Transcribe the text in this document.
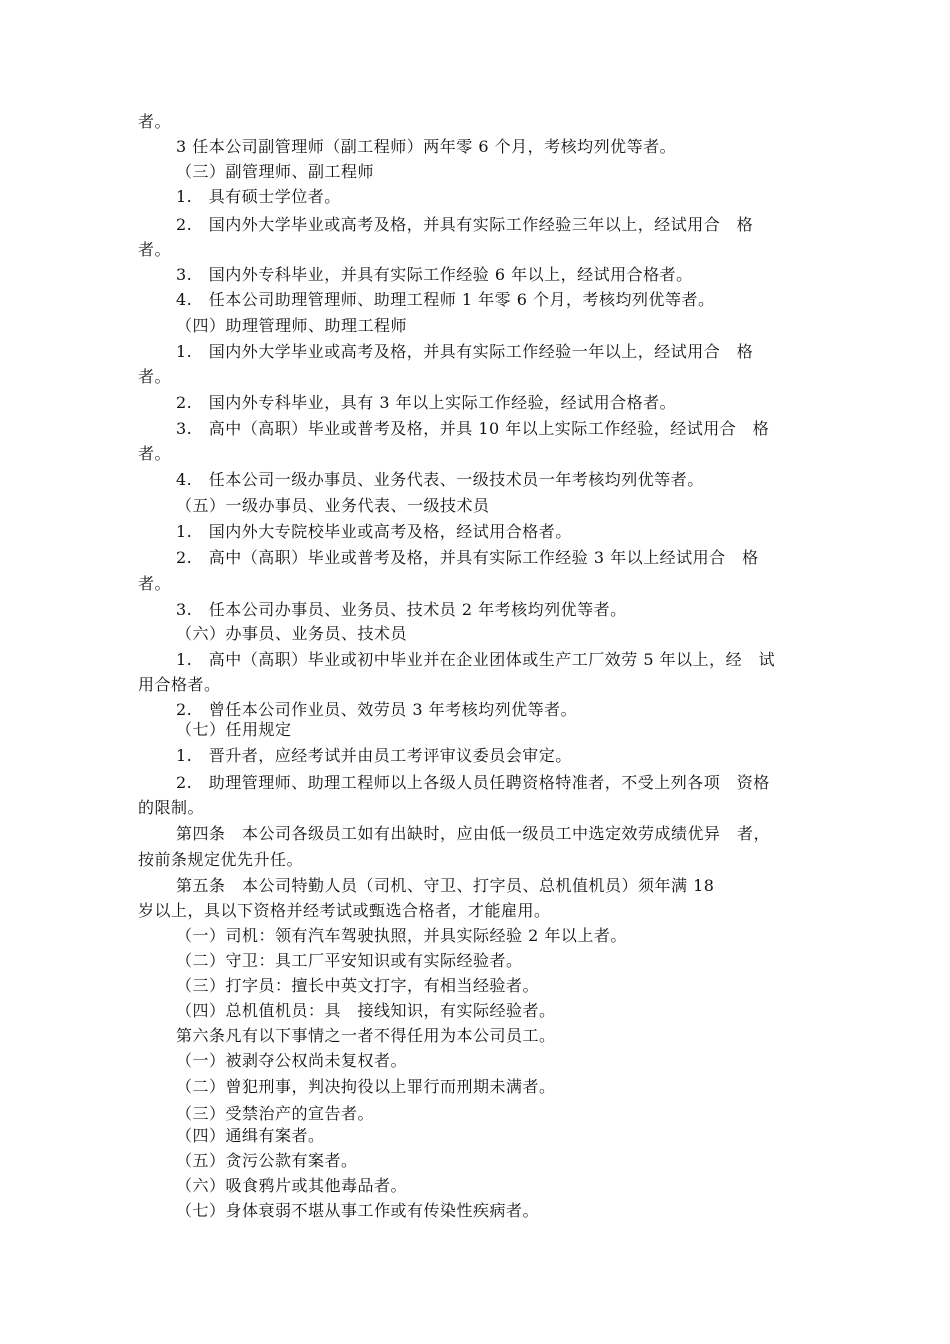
者。
3 任本公司副管理师（副工程师）两年零 6 个月，考核均列优等者。
（三）副管理师、副工程师
1.　具有硕士学位者。
2.　国内外大学毕业或高考及格，并具有实际工作经验三年以上，经试用合　格
者。
3.　国内外专科毕业，并具有实际工作经验 6 年以上，经试用合格者。
4.　任本公司助理管理师、助理工程师 1 年零 6 个月，考核均列优等者。
（四）助理管理师、助理工程师
1.　国内外大学毕业或高考及格，并具有实际工作经验一年以上，经试用合　格
者。
2.　国内外专科毕业，具有 3 年以上实际工作经验，经试用合格者。
3.　高中（高职）毕业或普考及格，并具 10 年以上实际工作经验，经试用合　格
者。
4.　任本公司一级办事员、业务代表、一级技术员一年考核均列优等者。
（五）一级办事员、业务代表、一级技术员
1.　国内外大专院校毕业或高考及格，经试用合格者。
2.　高中（高职）毕业或普考及格，并具有实际工作经验 3 年以上经试用合　格
者。
3.　任本公司办事员、业务员、技术员 2 年考核均列优等者。
（六）办事员、业务员、技术员
1.　高中（高职）毕业或初中毕业并在企业团体或生产工厂效劳 5 年以上，经　试
用合格者。
2.　曾任本公司作业员、效劳员 3 年考核均列优等者。
（七）任用规定
1.　晋升者，应经考试并由员工考评审议委员会审定。
2.　助理管理师、助理工程师以上各级人员任聘资格特准者，不受上列各项　资格
的限制。
第四条　本公司各级员工如有出缺时，应由低一级员工中选定效劳成绩优异　者，
按前条规定优先升任。
第五条　本公司特勤人员（司机、守卫、打字员、总机值机员）须年满 18
岁以上，具以下资格并经考试或甄选合格者，才能雇用。
（一）司机：领有汽车驾驶执照，并具实际经验 2 年以上者。
（二）守卫：具工厂平安知识或有实际经验者。
（三）打字员：擅长中英文打字，有相当经验者。
（四）总机值机员：具　接线知识，有实际经验者。
第六条凡有以下事情之一者不得任用为本公司员工。
（一）被剥夺公权尚未复权者。
（二）曾犯刑事，判决拘役以上罪行而刑期未满者。
（三）受禁治产的宣告者。
（四）通缉有案者。
（五）贪污公款有案者。
（六）吸食鸦片或其他毒品者。
（七）身体衰弱不堪从事工作或有传染性疾病者。
